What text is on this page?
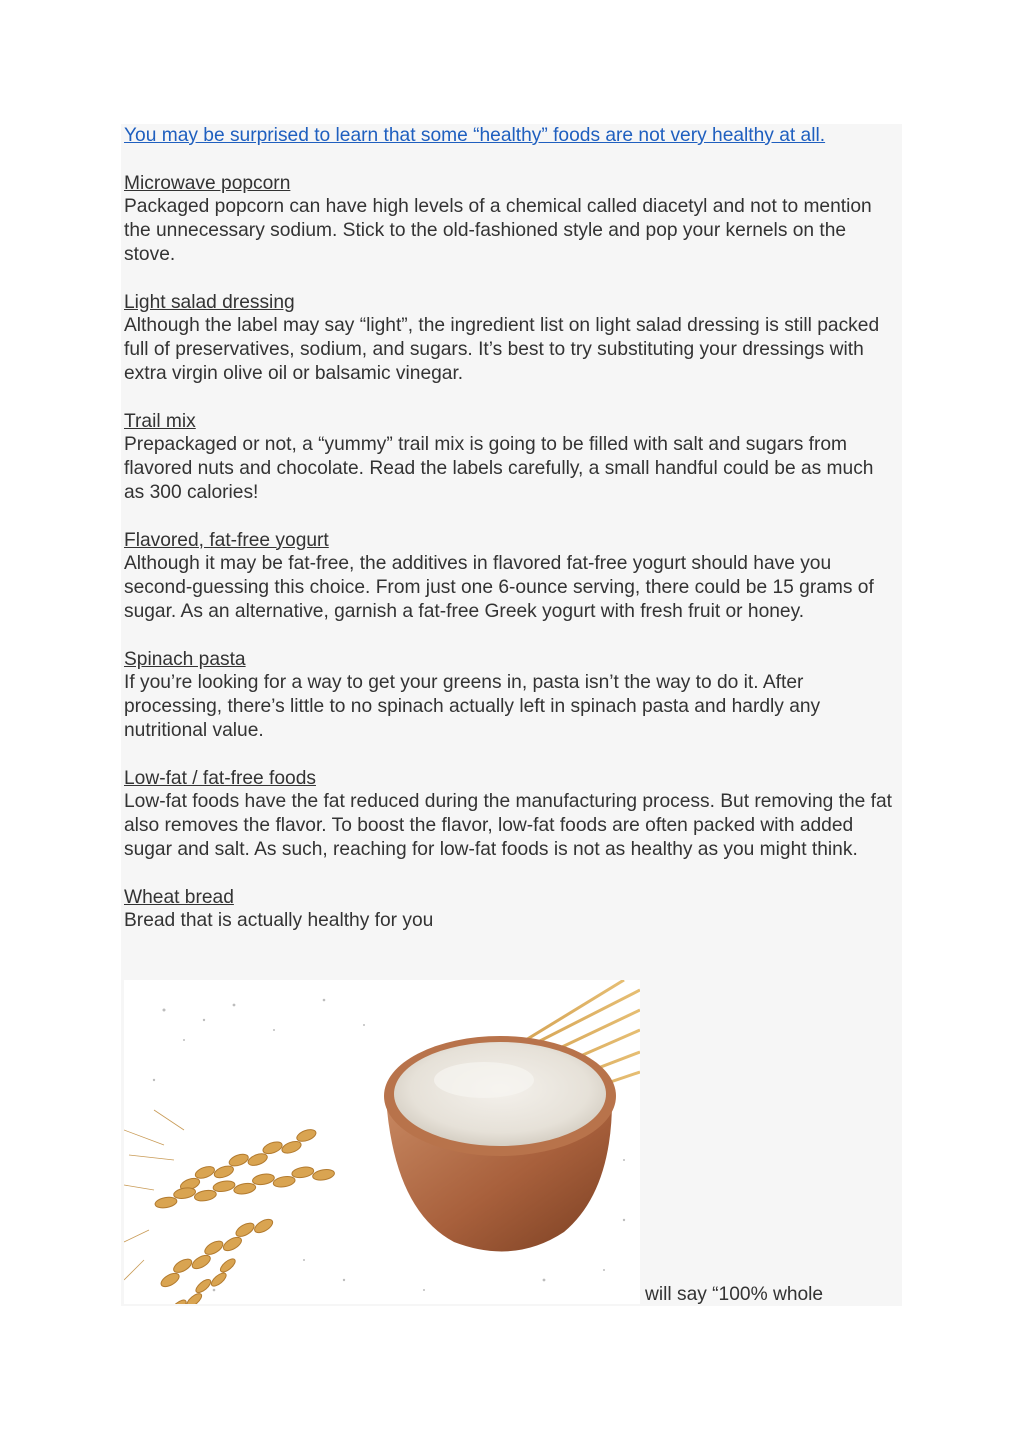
You may be surprised to learn that some “healthy” foods are not very healthy at all.
Microwave popcorn
Packaged popcorn can have high levels of a chemical called diacetyl and not to mention the unnecessary sodium. Stick to the old-fashioned style and pop your kernels on the stove.
Light salad dressing
Although the label may say “light”, the ingredient list on light salad dressing is still packed full of preservatives, sodium, and sugars. It’s best to try substituting your dressings with extra virgin olive oil or balsamic vinegar.
Trail mix
Prepackaged or not, a “yummy” trail mix is going to be filled with salt and sugars from flavored nuts and chocolate. Read the labels carefully, a small handful could be as much as 300 calories!
Flavored, fat-free yogurt
Although it may be fat-free, the additives in flavored fat-free yogurt should have you second-guessing this choice. From just one 6-ounce serving, there could be 15 grams of sugar. As an alternative, garnish a fat-free Greek yogurt with fresh fruit or honey.
Spinach pasta
If you’re looking for a way to get your greens in, pasta isn’t the way to do it. After processing, there’s little to no spinach actually left in spinach pasta and hardly any nutritional value.
Low-fat / fat-free foods
Low-fat foods have the fat reduced during the manufacturing process. But removing the fat also removes the flavor. To boost the flavor, low-fat foods are often packed with added sugar and salt. As such, reaching for low-fat foods is not as healthy as you might think.
Wheat bread
Bread that is actually healthy for you
will say “100% whole
